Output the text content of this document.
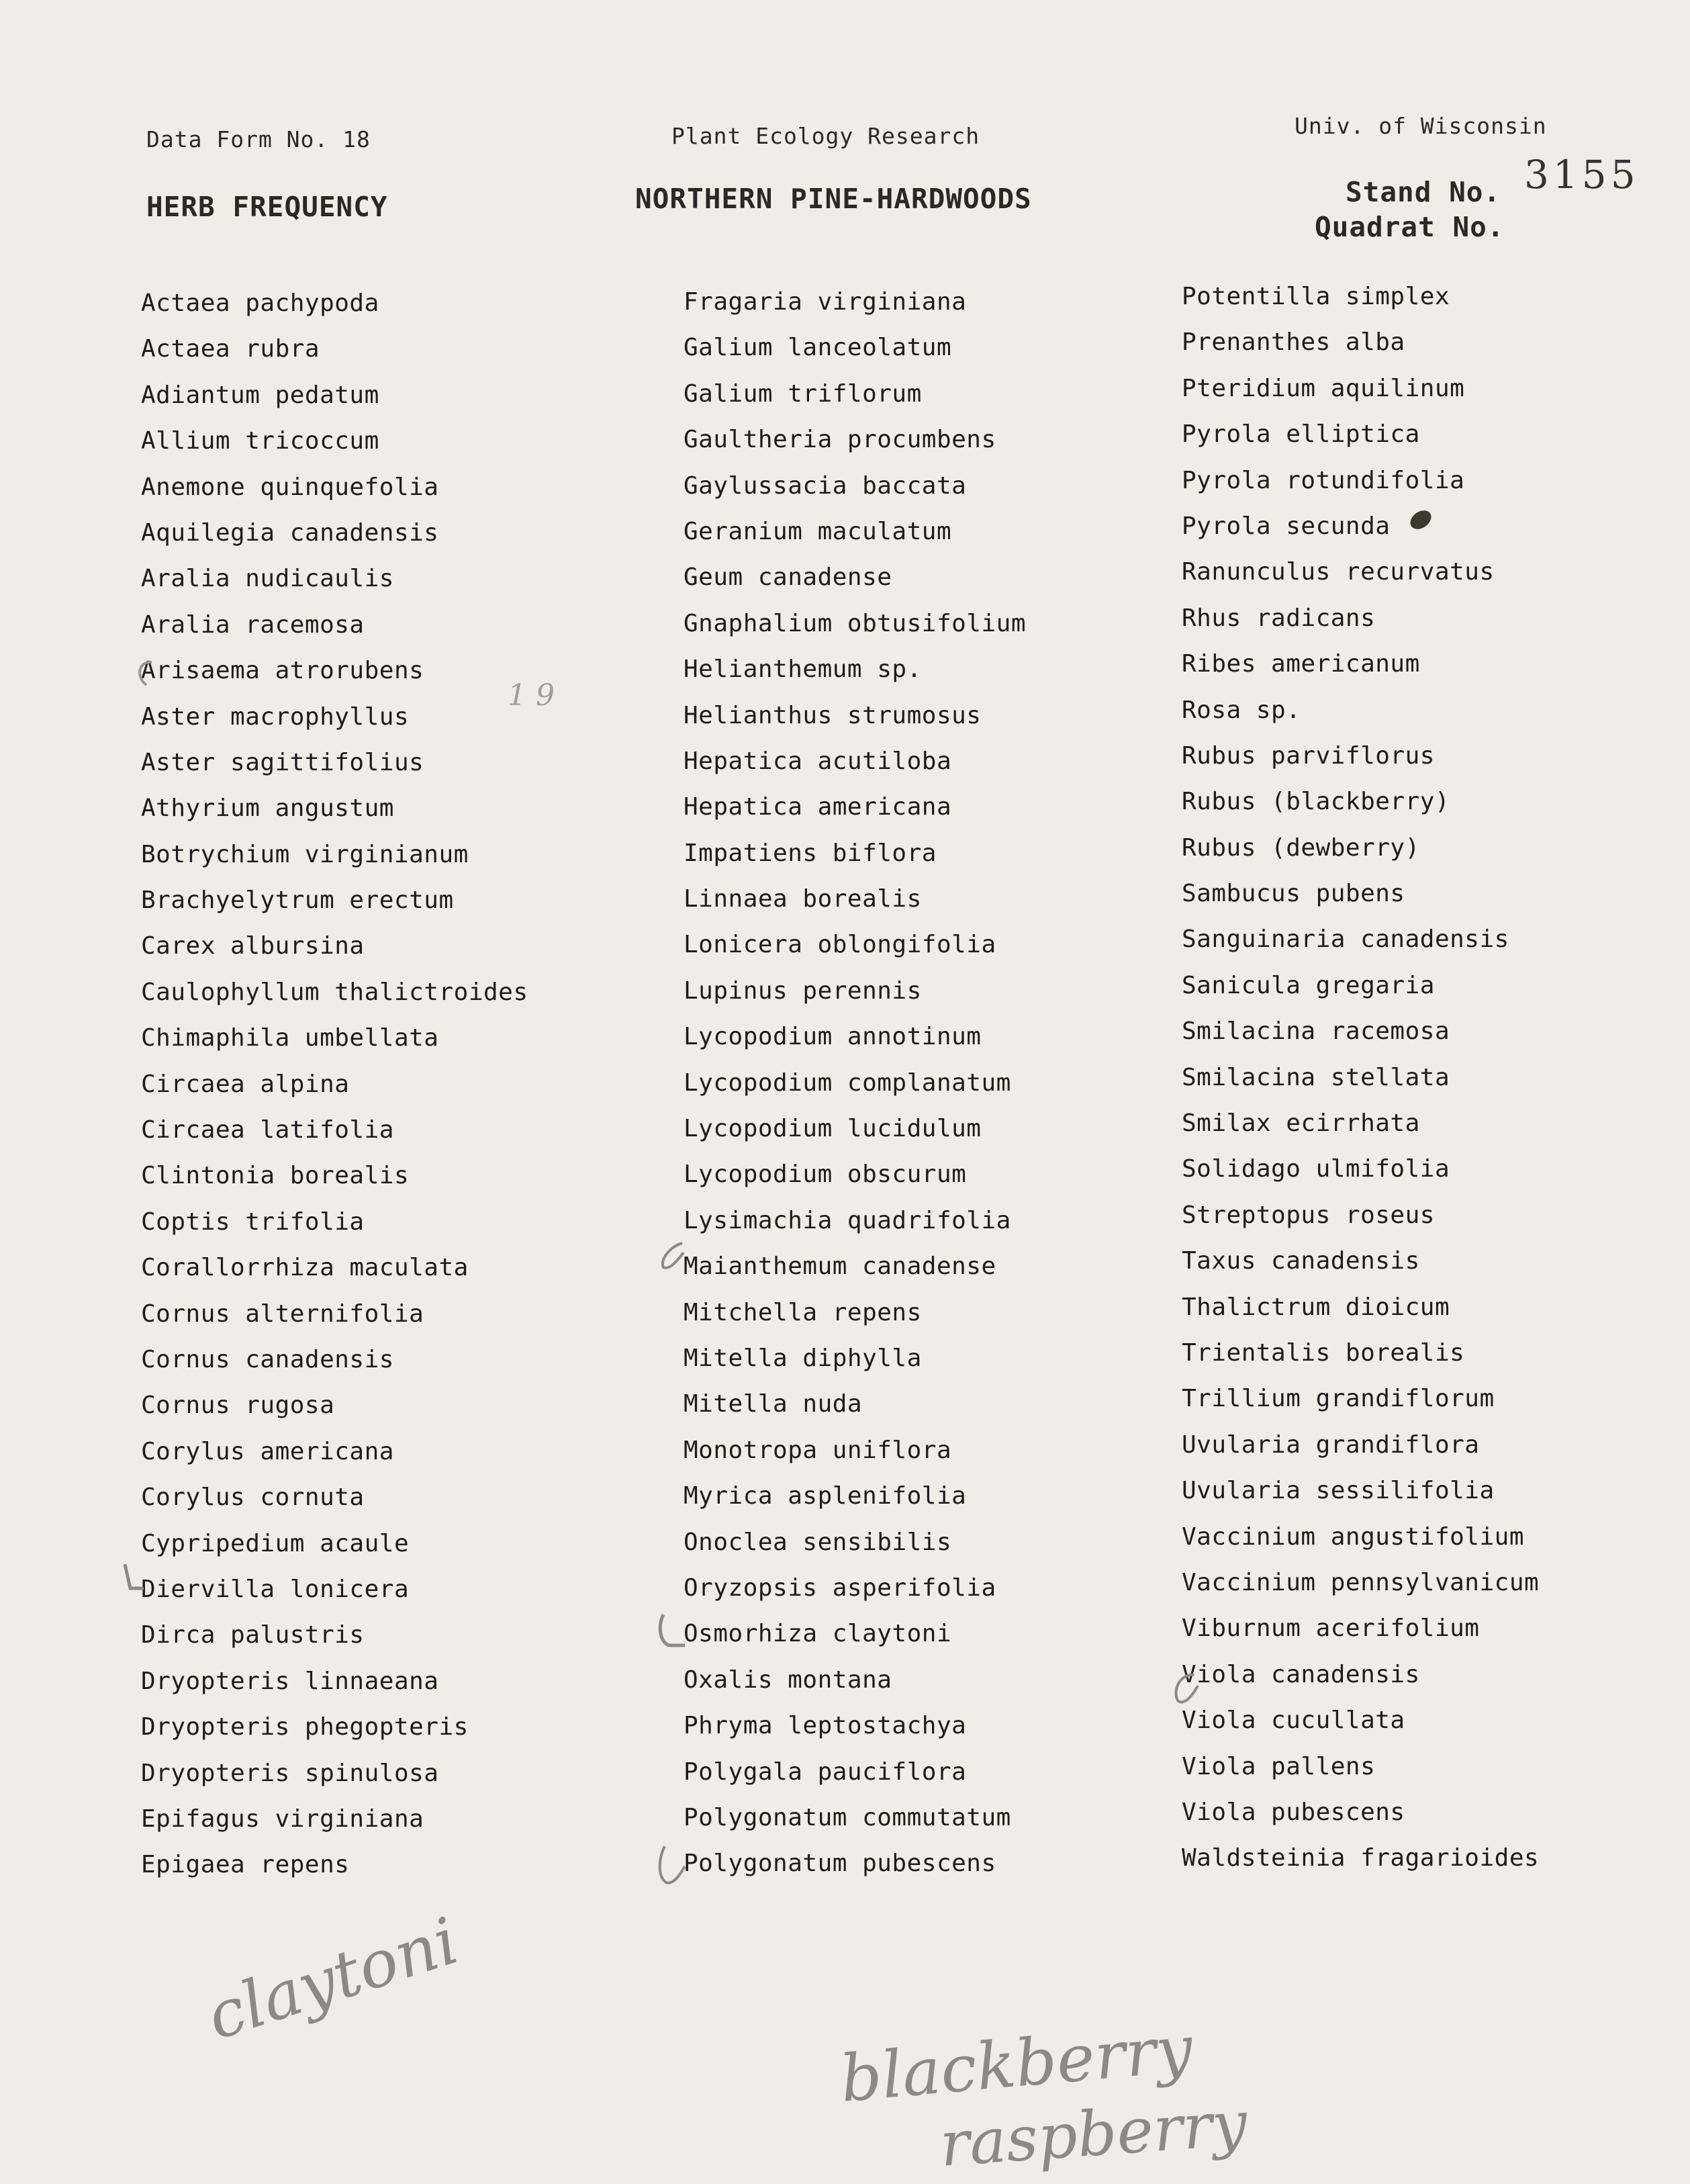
Data Form No. 18	Plant Ecology Research	Univ. of Wisconsin
HERB FREQUENCY	NORTHERN PINE-HARDWOODS	Stand No. 3155
Quadrat No.
Actaea pachypoda
Actaea rubra
Adiantum pedatum
Allium tricoccum
Anemone quinquefolia
Aquilegia canadensis
Aralia nudicaulis
Aralia racemosa
Arisaema atrorubens
Aster macrophyllus
Aster sagittifolius
Athyrium angustum
Botrychium virginianum
Brachyelytrum erectum
Carex albursina
Caulophyllum thalictroides
Chimaphila umbellata
Circaea alpina
Circaea latifolia
Clintonia borealis
Coptis trifolia
Corallorrhiza maculata
Cornus alternifolia
Cornus canadensis
Cornus rugosa
Corylus americana
Corylus cornuta
Cypripedium acaule
Diervilla lonicera
Dirca palustris
Dryopteris linnaeana
Dryopteris phegopteris
Dryopteris spinulosa
Epifagus virginiana
Epigaea repens
Fragaria virginiana
Galium lanceolatum
Galium triflorum
Gaultheria procumbens
Gaylussacia baccata
Geranium maculatum
Geum canadense
Gnaphalium obtusifolium
Helianthemum sp.
Helianthus strumosus
Hepatica acutiloba
Hepatica americana
Impatiens biflora
Linnaea borealis
Lonicera oblongifolia
Lupinus perennis
Lycopodium annotinum
Lycopodium complanatum
Lycopodium lucidulum
Lycopodium obscurum
Lysimachia quadrifolia
Maianthemum canadense
Mitchella repens
Mitella diphylla
Mitella nuda
Monotropa uniflora
Myrica asplenifolia
Onoclea sensibilis
Oryzopsis asperifolia
Osmorhiza claytoni
Oxalis montana
Phryma leptostachya
Polygala pauciflora
Polygonatum commutatum
Polygonatum pubescens
Potentilla simplex
Prenanthes alba
Pteridium aquilinum
Pyrola elliptica
Pyrola rotundifolia
Pyrola secunda
Ranunculus recurvatus
Rhus radicans
Ribes americanum
Rosa sp.
Rubus parviflorus
Rubus (blackberry)
Rubus (dewberry)
Sambucus pubens
Sanguinaria canadensis
Sanicula gregaria
Smilacina racemosa
Smilacina stellata
Smilax ecirrhata
Solidago ulmifolia
Streptopus roseus
Taxus canadensis
Thalictrum dioicum
Trientalis borealis
Trillium grandiflorum
Uvularia grandiflora
Uvularia sessilifolia
Vaccinium angustifolium
Vaccinium pennsylvanicum
Viburnum acerifolium
Viola canadensis
Viola cucullata
Viola pallens
Viola pubescens
Waldsteinia fragarioides
1 9
claytoni
blackberry
raspberry
